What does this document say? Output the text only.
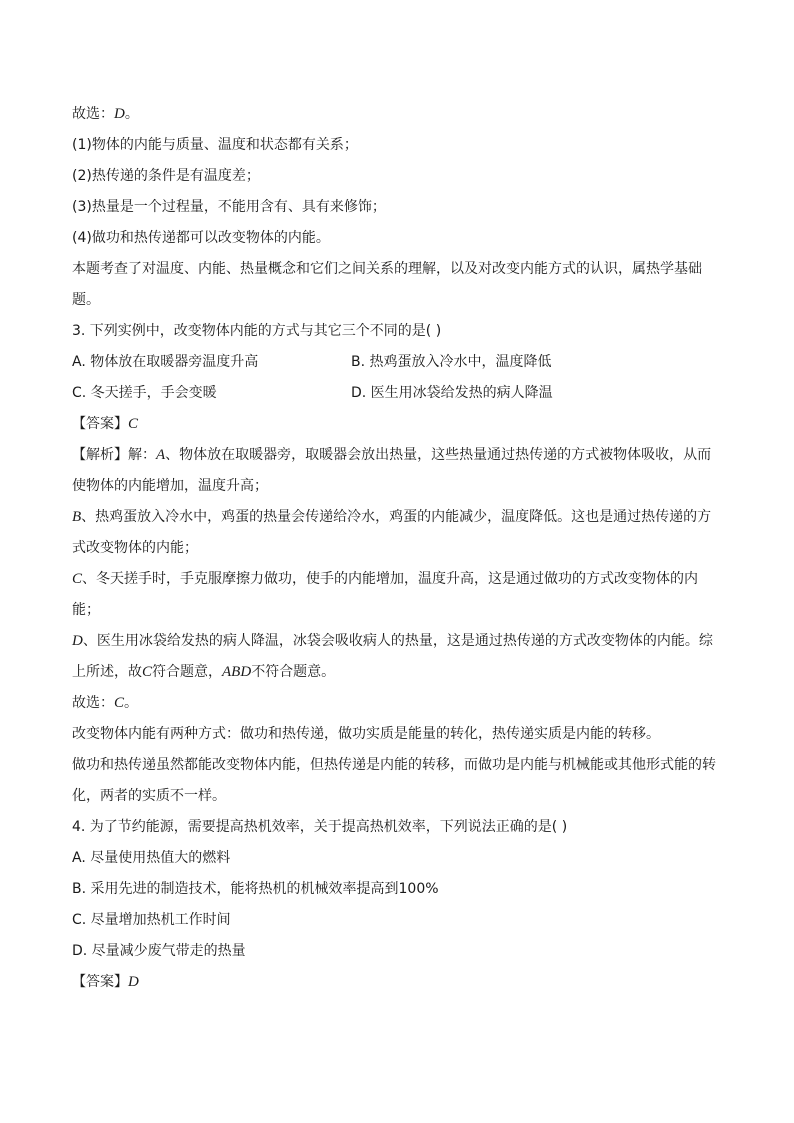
故选：D。
(1)物体的内能与质量、温度和状态都有关系；
(2)热传递的条件是有温度差；
(3)热量是一个过程量，不能用含有、具有来修饰；
(4)做功和热传递都可以改变物体的内能。
本题考查了对温度、内能、热量概念和它们之间关系的理解，以及对改变内能方式的认识，属热学基础题。
3. 下列实例中，改变物体内能的方式与其它三个不同的是( )
A. 物体放在取暖器旁温度升高	B. 热鸡蛋放入冷水中，温度降低
C. 冬天搓手，手会变暖	D. 医生用冰袋给发热的病人降温
【答案】C
【解析】解：A、物体放在取暖器旁，取暖器会放出热量，这些热量通过热传递的方式被物体吸收，从而使物体的内能增加，温度升高；
B、热鸡蛋放入冷水中，鸡蛋的热量会传递给冷水，鸡蛋的内能减少，温度降低。这也是通过热传递的方式改变物体的内能；
C、冬天搓手时，手克服摩擦力做功，使手的内能增加，温度升高，这是通过做功的方式改变物体的内能；
D、医生用冰袋给发热的病人降温，冰袋会吸收病人的热量，这是通过热传递的方式改变物体的内能。综上所述，故C符合题意，ABD不符合题意。
故选：C。
改变物体内能有两种方式：做功和热传递，做功实质是能量的转化，热传递实质是内能的转移。
做功和热传递虽然都能改变物体内能，但热传递是内能的转移，而做功是内能与机械能或其他形式能的转化，两者的实质不一样。
4. 为了节约能源，需要提高热机效率，关于提高热机效率，下列说法正确的是( )
A. 尽量使用热值大的燃料
B. 采用先进的制造技术，能将热机的机械效率提高到100%
C. 尽量增加热机工作时间
D. 尽量减少废气带走的热量
【答案】D
